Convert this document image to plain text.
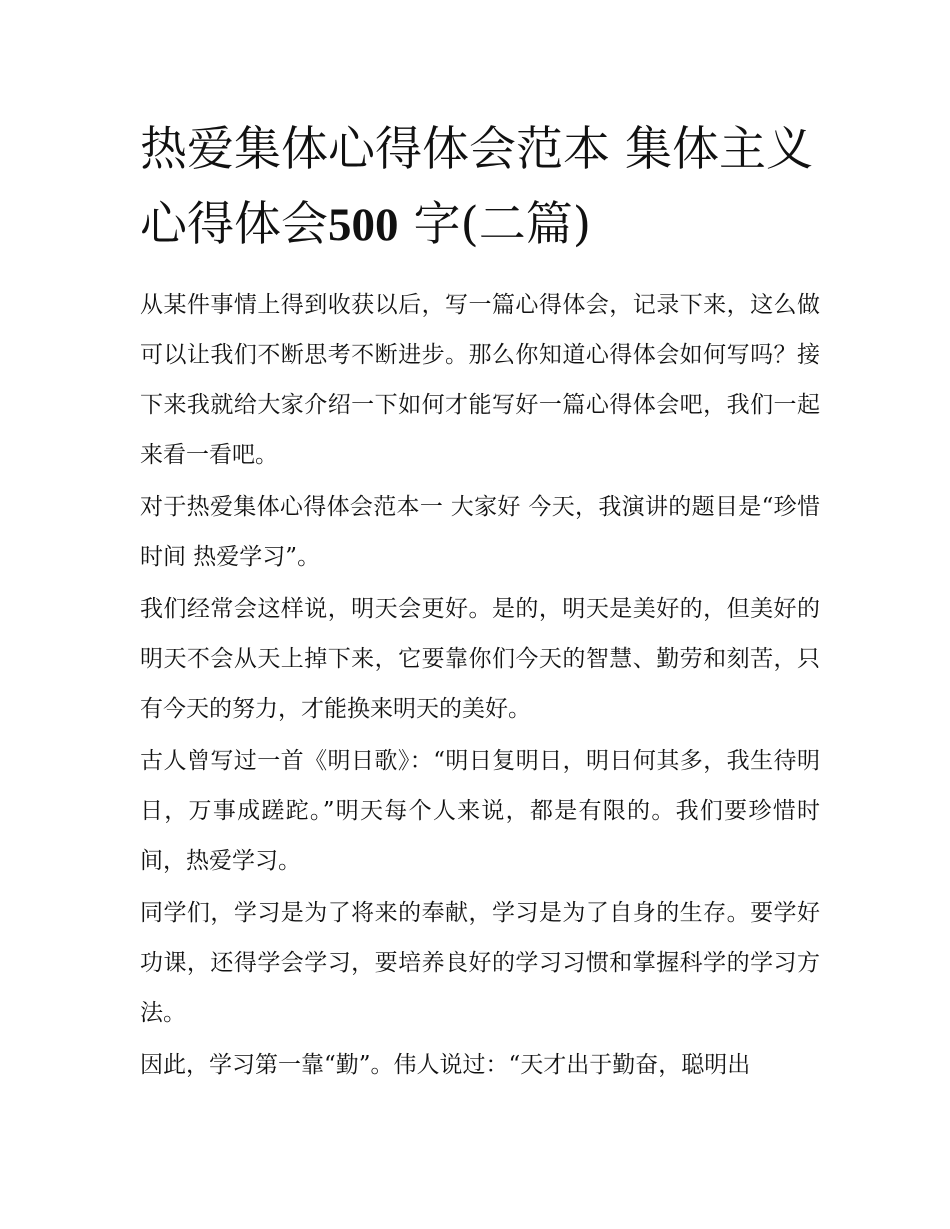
热爱集体心得体会范本 集体主义心得体会500 字(二篇)

从某件事情上得到收获以后，写一篇心得体会，记录下来，这么做可以让我们不断思考不断进步。那么你知道心得体会如何写吗？接下来我就给大家介绍一下如何才能写好一篇心得体会吧，我们一起来看一看吧。

对于热爱集体心得体会范本一 大家好 今天，我演讲的题目是“珍惜时间 热爱学习”。

我们经常会这样说，明天会更好。是的，明天是美好的，但美好的明天不会从天上掉下来，它要靠你们今天的智慧、勤劳和刻苦，只有今天的努力，才能换来明天的美好。

古人曾写过一首《明日歌》：“明日复明日，明日何其多，我生待明日，万事成蹉跎。”明天每个人来说，都是有限的。我们要珍惜时间，热爱学习。

同学们，学习是为了将来的奉献，学习是为了自身的生存。要学好功课，还得学会学习，要培养良好的学习习惯和掌握科学的学习方法。

因此，学习第一靠“勤”。伟人说过：“天才出于勤奋，聪明出
